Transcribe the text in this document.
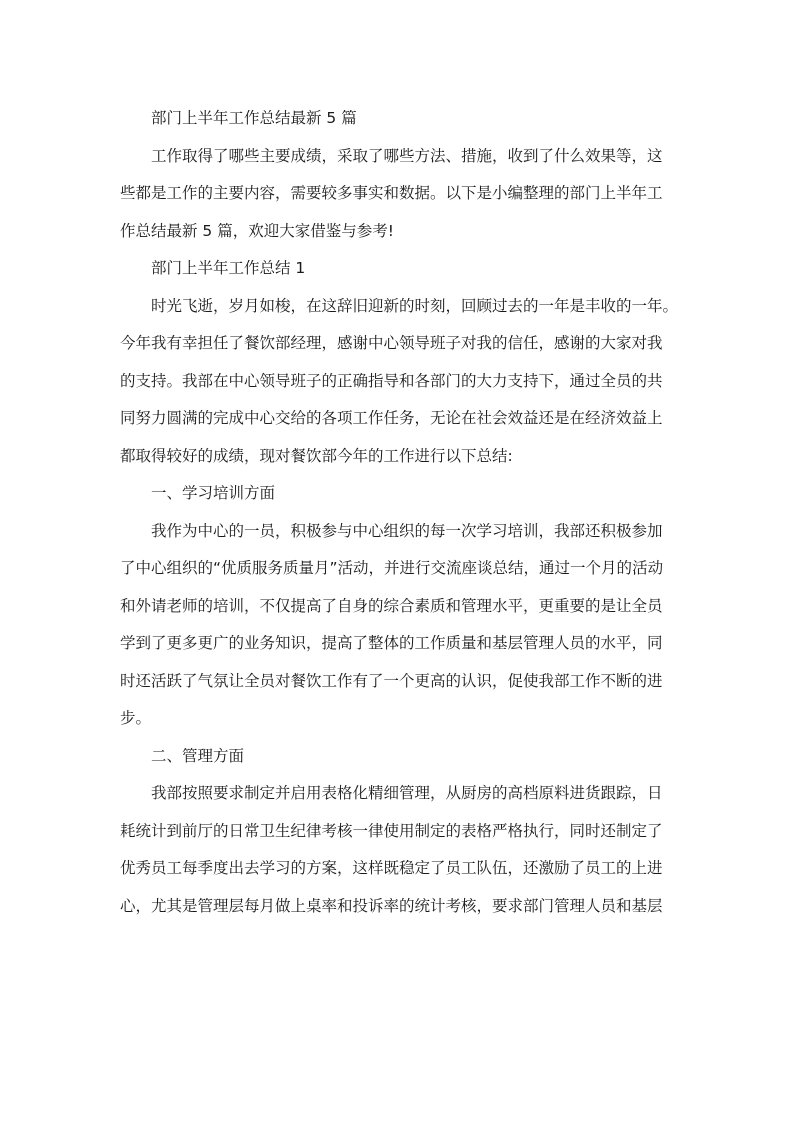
部门上半年工作总结最新 5 篇

工作取得了哪些主要成绩，采取了哪些方法、措施，收到了什么效果等，这

些都是工作的主要内容，需要较多事实和数据。以下是小编整理的部门上半年工

作总结最新 5 篇，欢迎大家借鉴与参考!

部门上半年工作总结 1

时光飞逝，岁月如梭，在这辞旧迎新的时刻，回顾过去的一年是丰收的一年。

今年我有幸担任了餐饮部经理，感谢中心领导班子对我的信任，感谢的大家对我

的支持。我部在中心领导班子的正确指导和各部门的大力支持下，通过全员的共

同努力圆满的完成中心交给的各项工作任务，无论在社会效益还是在经济效益上

都取得较好的成绩，现对餐饮部今年的工作进行以下总结:

一、学习培训方面

我作为中心的一员，积极参与中心组织的每一次学习培训，我部还积极参加

了中心组织的“优质服务质量月”活动，并进行交流座谈总结，通过一个月的活动

和外请老师的培训，不仅提高了自身的综合素质和管理水平，更重要的是让全员

学到了更多更广的业务知识，提高了整体的工作质量和基层管理人员的水平，同

时还活跃了气氛让全员对餐饮工作有了一个更高的认识，促使我部工作不断的进

步。

二、管理方面

我部按照要求制定并启用表格化精细管理，从厨房的高档原料进货跟踪，日

耗统计到前厅的日常卫生纪律考核一律使用制定的表格严格执行，同时还制定了

优秀员工每季度出去学习的方案，这样既稳定了员工队伍，还激励了员工的上进

心，尤其是管理层每月做上桌率和投诉率的统计考核，要求部门管理人员和基层
